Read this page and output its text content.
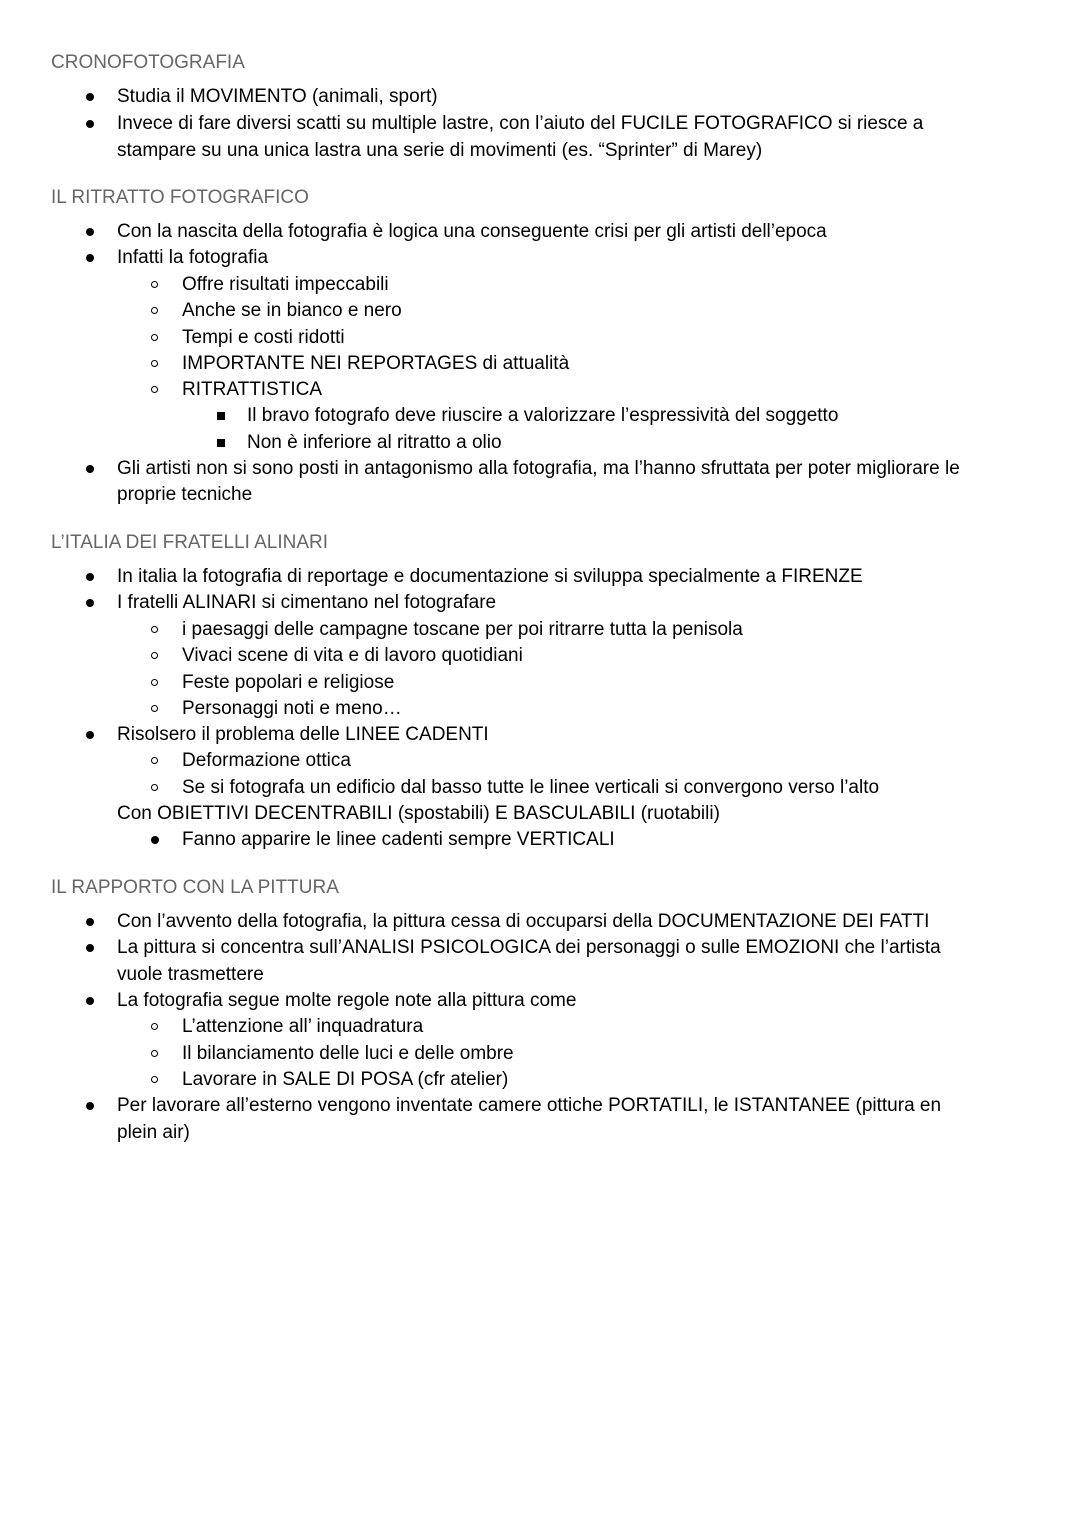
CRONOFOTOGRAFIA
Studia il MOVIMENTO (animali, sport)
Invece di fare diversi scatti su multiple lastre, con l’aiuto del FUCILE FOTOGRAFICO si riesce a
stampare su una unica lastra una serie di movimenti (es. “Sprinter” di Marey)
IL RITRATTO FOTOGRAFICO
Con la nascita della fotografia è logica una conseguente crisi per gli artisti dell’epoca
Infatti la fotografia
Offre risultati impeccabili
Anche se in bianco e nero
Tempi e costi ridotti
IMPORTANTE NEI REPORTAGES di attualità
RITRATTISTICA
Il bravo fotografo deve riuscire a valorizzare l’espressività del soggetto
Non è inferiore al ritratto a olio
Gli artisti non si sono posti in antagonismo alla fotografia, ma l’hanno sfruttata per poter migliorare le
proprie tecniche
L’ITALIA DEI FRATELLI ALINARI
In italia la fotografia di reportage e documentazione si sviluppa specialmente a FIRENZE
I fratelli ALINARI si cimentano nel fotografare
i paesaggi delle campagne toscane per poi ritrarre tutta la penisola
Vivaci scene di vita e di lavoro quotidiani
Feste popolari e religiose
Personaggi noti e meno…
Risolsero il problema delle LINEE CADENTI
Deformazione ottica
Se si fotografa un edificio dal basso tutte le linee verticali si convergono verso l’alto
Con OBIETTIVI DECENTRABILI (spostabili) E BASCULABILI (ruotabili)
Fanno apparire le linee cadenti sempre VERTICALI
IL RAPPORTO CON LA PITTURA
Con l’avvento della fotografia, la pittura cessa di occuparsi della DOCUMENTAZIONE DEI FATTI
La pittura si concentra sull’ANALISI PSICOLOGICA dei personaggi o sulle EMOZIONI che l’artista
vuole trasmettere
La fotografia segue molte regole note alla pittura come
L’attenzione all’ inquadratura
Il bilanciamento delle luci e delle ombre
Lavorare in SALE DI POSA (cfr atelier)
Per lavorare all’esterno vengono inventate camere ottiche PORTATILI, le ISTANTANEE (pittura en
plein air)
